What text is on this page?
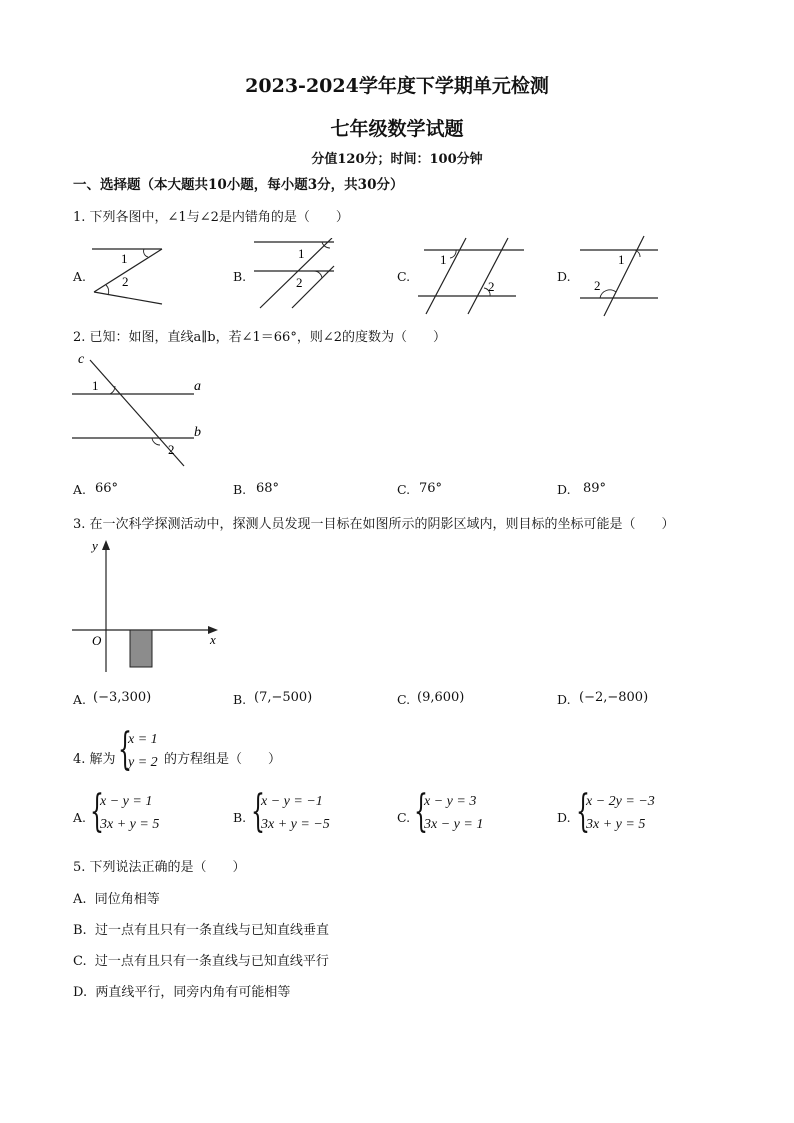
2023-2024学年度下学期单元检测
七年级数学试题
分值120分；时间：100分钟
一、选择题（本大题共10小题，每小题3分，共30分）
1. 下列各图中，∠1与∠2是内错角的是（　　）
A.
1
2	B.
1
2	C.
1
2
D.
1
2
2. 已知：如图，直线a∥b，若∠1＝66°，则∠2的度数为（　　）
c
a
b
1
2
A. 66°	B. 68°	C. 76°	D. 89°
3. 在一次科学探测活动中，探测人员发现一目标在如图所示的阴影区域内，则目标的坐标可能是（　　）
y
x
O
A. (−3,300)	B. (7,−500)	C. (9,600)	D. (−2,−800)
4. 解为 {
x = 1
y = 2 的方程组是（　　）
A. {
x − y = 1
3x + y = 5	B. {
x − y = −1
3x + y = −5	C. {
x − y = 3
3x − y = 1	D. {
x − 2y = −3
3x + y = 5
5. 下列说法正确的是（　　）
A. 同位角相等
B. 过一点有且只有一条直线与已知直线垂直
C. 过一点有且只有一条直线与已知直线平行
D. 两直线平行，同旁内角有可能相等
